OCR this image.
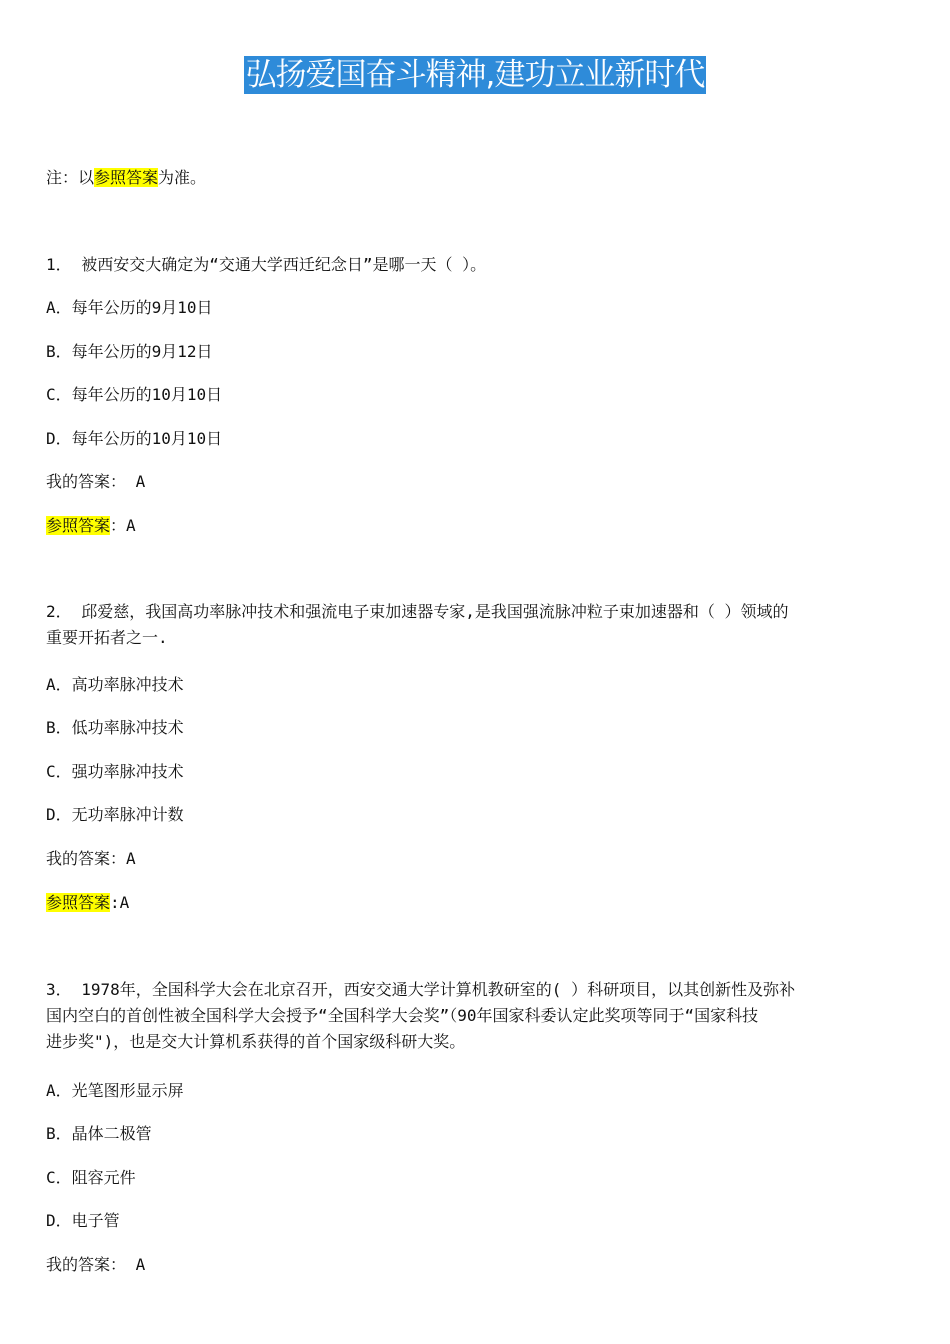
弘扬爱国奋斗精神,建功立业新时代
注：以参照答案为准。
1． 被西安交大确定为“交通大学西迁纪念日”是哪一天（ ）。
A．每年公历的9月10日
B．每年公历的9月12日
C．每年公历的10月10日
D．每年公历的10月10日
我的答案： A
参照答案：A
2． 邱爱慈，我国高功率脉冲技术和强流电子束加速器专家,是我国强流脉冲粒子束加速器和（ ）领域的
重要开拓者之一.
A．高功率脉冲技术
B．低功率脉冲技术
C．强功率脉冲技术
D．无功率脉冲计数
我的答案：A
参照答案:A
3． 1978年，全国科学大会在北京召开，西安交通大学计算机教研室的( ）科研项目，以其创新性及弥补
国内空白的首创性被全国科学大会授予“全国科学大会奖”（90年国家科委认定此奖项等同于“国家科技
进步奖")，也是交大计算机系获得的首个国家级科研大奖。
A．光笔图形显示屏
B．晶体二极管
C．阻容元件
D．电子管
我的答案： A
